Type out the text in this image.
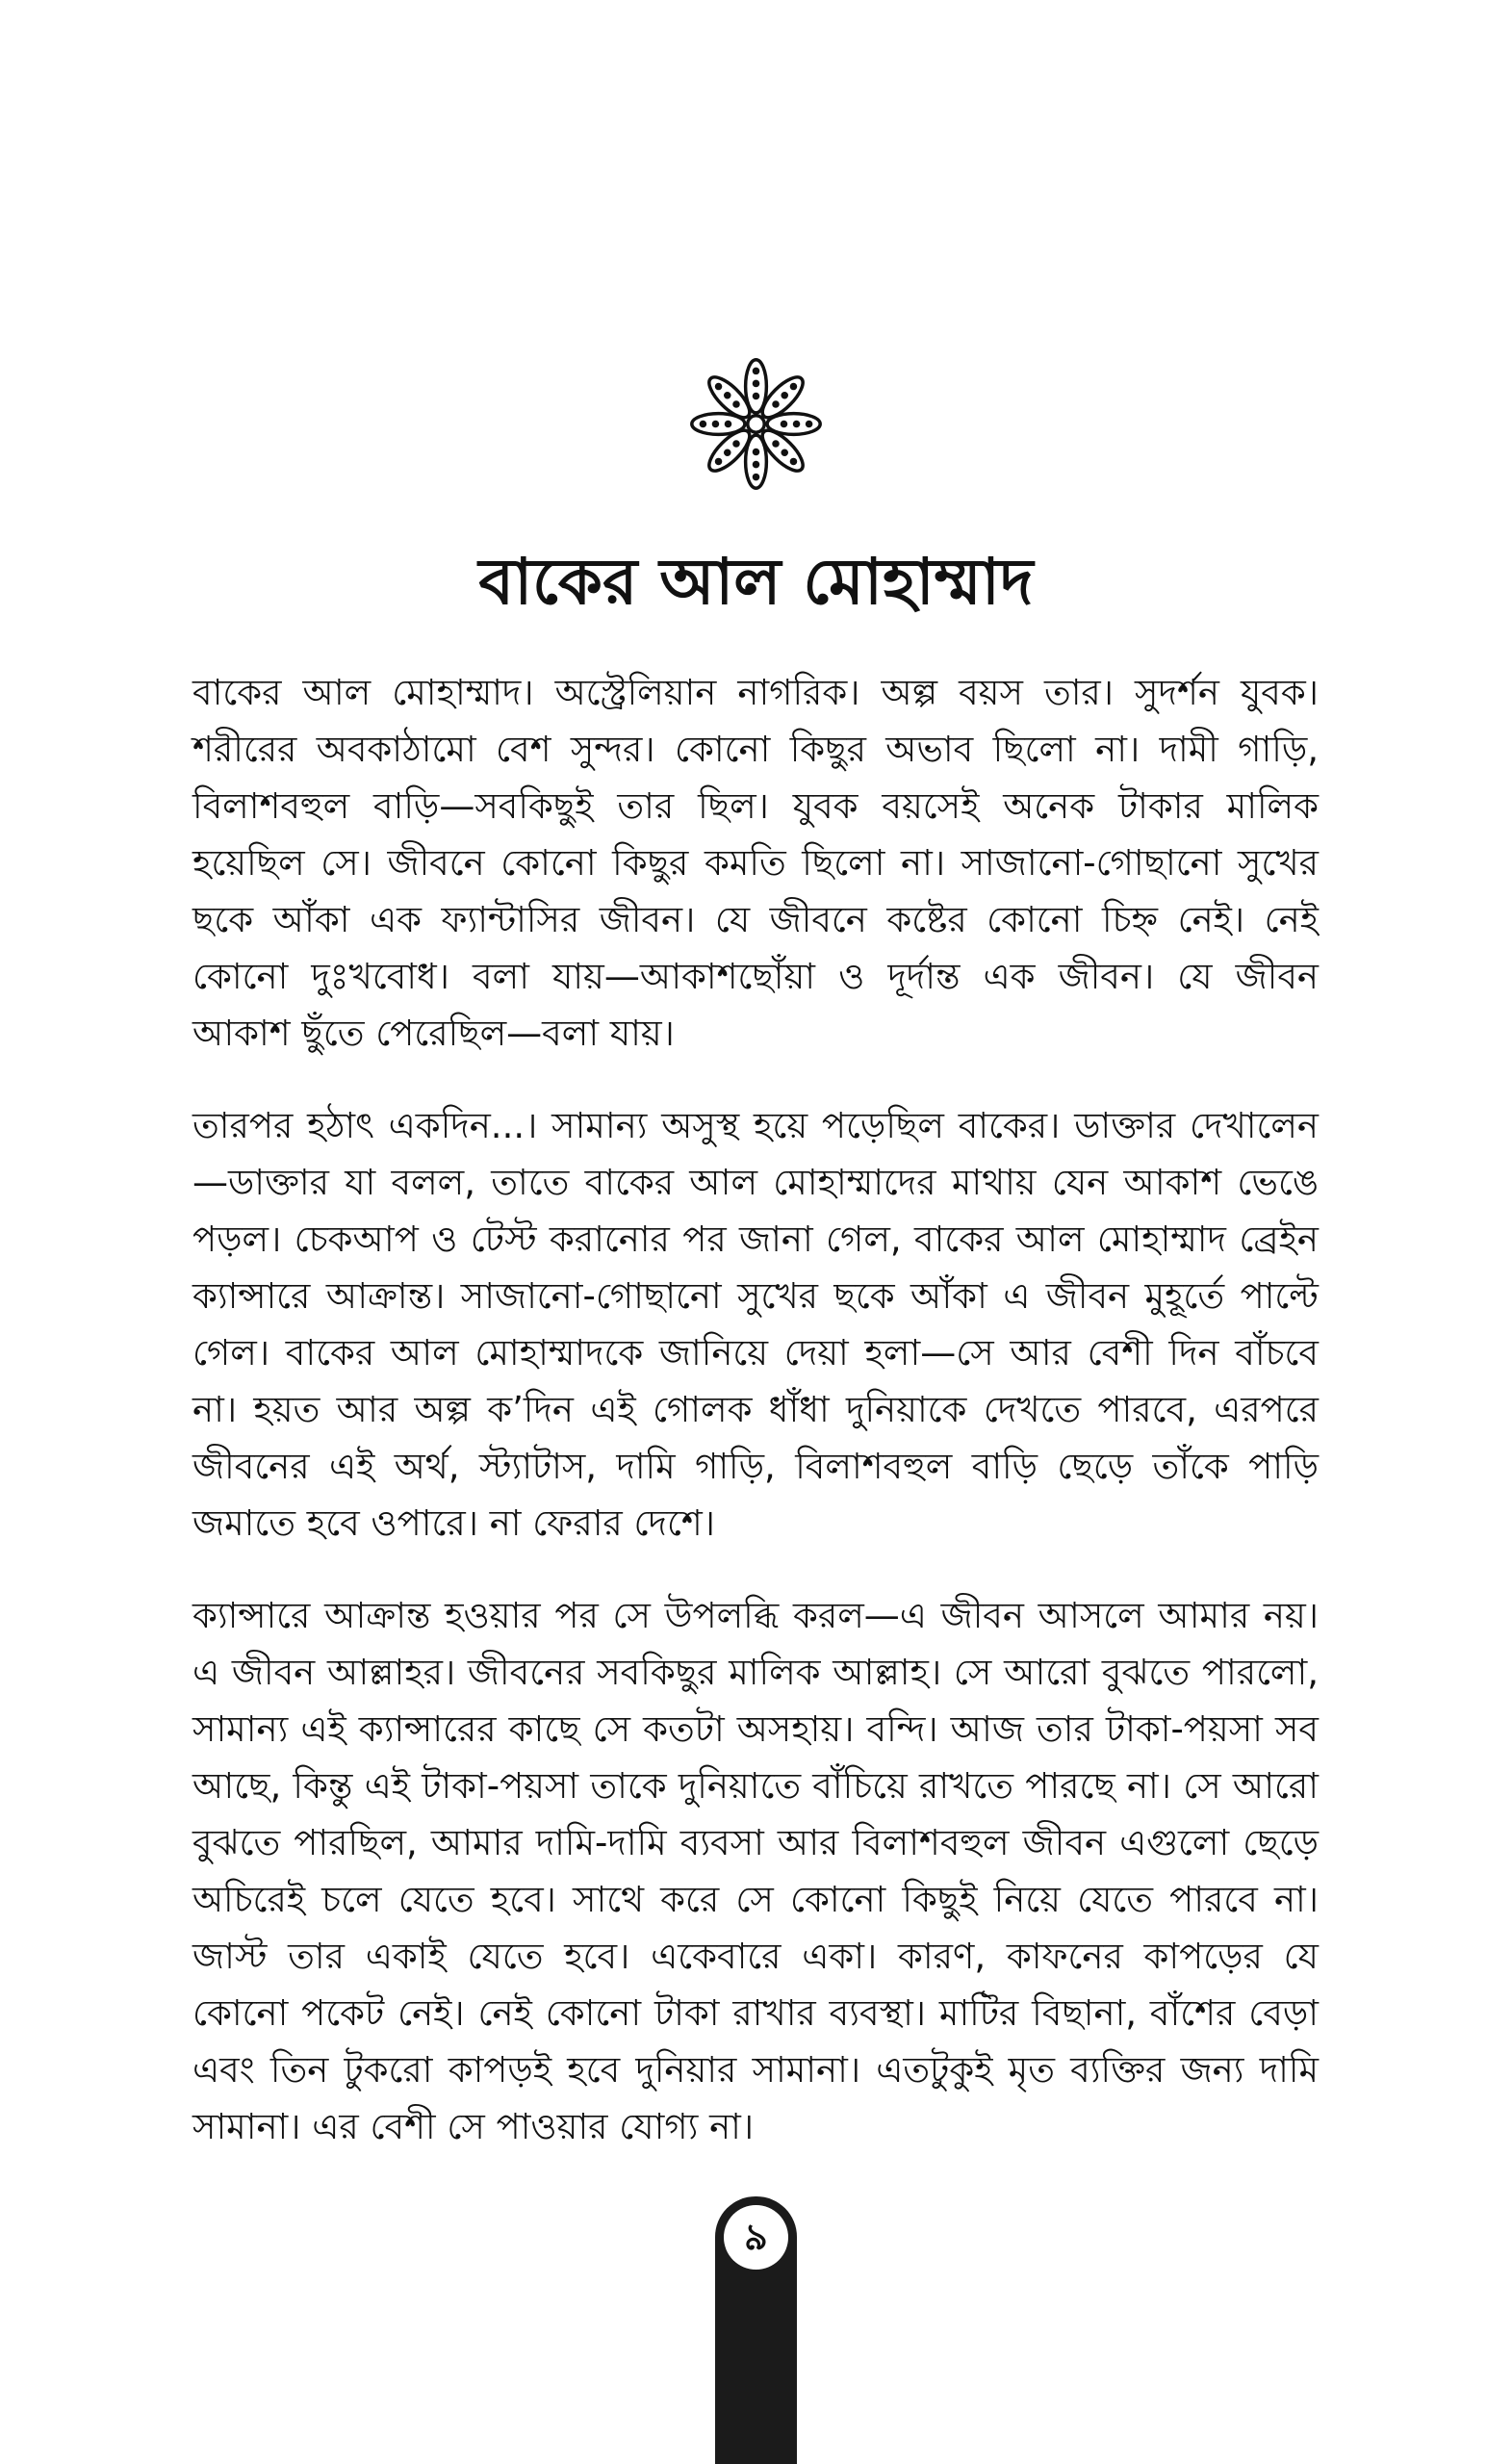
বাকের আল মোহাম্মাদ

বাকের আল মোহাম্মাদ। অস্ট্রেলিয়ান নাগরিক। অল্প বয়স তার। সুদর্শন যুবক। শরীরের অবকাঠামো বেশ সুন্দর। কোনো কিছুর অভাব ছিলো না। দামী গাড়ি, বিলাশবহুল বাড়ি—সবকিছুই তার ছিল। যুবক বয়সেই অনেক টাকার মালিক হয়েছিল সে। জীবনে কোনো কিছুর কমতি ছিলো না। সাজানো-গোছানো সুখের ছকে আঁকা এক ফ্যান্টাসির জীবন। যে জীবনে কষ্টের কোনো চিহ্ন নেই। নেই কোনো দুঃখবোধ। বলা যায়—আকাশছোঁয়া ও দূর্দান্ত এক জীবন। যে জীবন আকাশ ছুঁতে পেরেছিল—বলা যায়।

তারপর হঠাৎ একদিন...। সামান্য অসুস্থ হয়ে পড়েছিল বাকের। ডাক্তার দেখালেন—ডাক্তার যা বলল, তাতে বাকের আল মোহাম্মাদের মাথায় যেন আকাশ ভেঙে পড়ল। চেকআপ ও টেস্ট করানোর পর জানা গেল, বাকের আল মোহাম্মাদ ব্রেইন ক্যান্সারে আক্রান্ত। সাজানো-গোছানো সুখের ছকে আঁকা এ জীবন মুহূর্তে পাল্টে গেল। বাকের আল মোহাম্মাদকে জানিয়ে দেয়া হলা—সে আর বেশী দিন বাঁচবে না। হয়ত আর অল্প ক’দিন এই গোলক ধাঁধা দুনিয়াকে দেখতে পারবে, এরপরে জীবনের এই অর্থ, স্ট্যাটাস, দামি গাড়ি, বিলাশবহুল বাড়ি ছেড়ে তাঁকে পাড়ি জমাতে হবে ওপারে। না ফেরার দেশে।

ক্যান্সারে আক্রান্ত হওয়ার পর সে উপলব্ধি করল—এ জীবন আসলে আমার নয়। এ জীবন আল্লাহর। জীবনের সবকিছুর মালিক আল্লাহ। সে আরো বুঝতে পারলো, সামান্য এই ক্যান্সারের কাছে সে কতটা অসহায়। বন্দি। আজ তার টাকা-পয়সা সব আছে, কিন্তু এই টাকা-পয়সা তাকে দুনিয়াতে বাঁচিয়ে রাখতে পারছে না। সে আরো বুঝতে পারছিল, আমার দামি-দামি ব্যবসা আর বিলাশবহুল জীবন এগুলো ছেড়ে অচিরেই চলে যেতে হবে। সাথে করে সে কোনো কিছুই নিয়ে যেতে পারবে না। জাস্ট তার একাই যেতে হবে। একেবারে একা। কারণ, কাফনের কাপড়ের যে কোনো পকেট নেই। নেই কোনো টাকা রাখার ব্যবস্থা। মাটির বিছানা, বাঁশের বেড়া এবং তিন টুকরো কাপড়ই হবে দুনিয়ার সামানা। এতটুকুই মৃত ব্যক্তির জন্য দামি সামানা। এর বেশী সে পাওয়ার যোগ্য না।

৯
